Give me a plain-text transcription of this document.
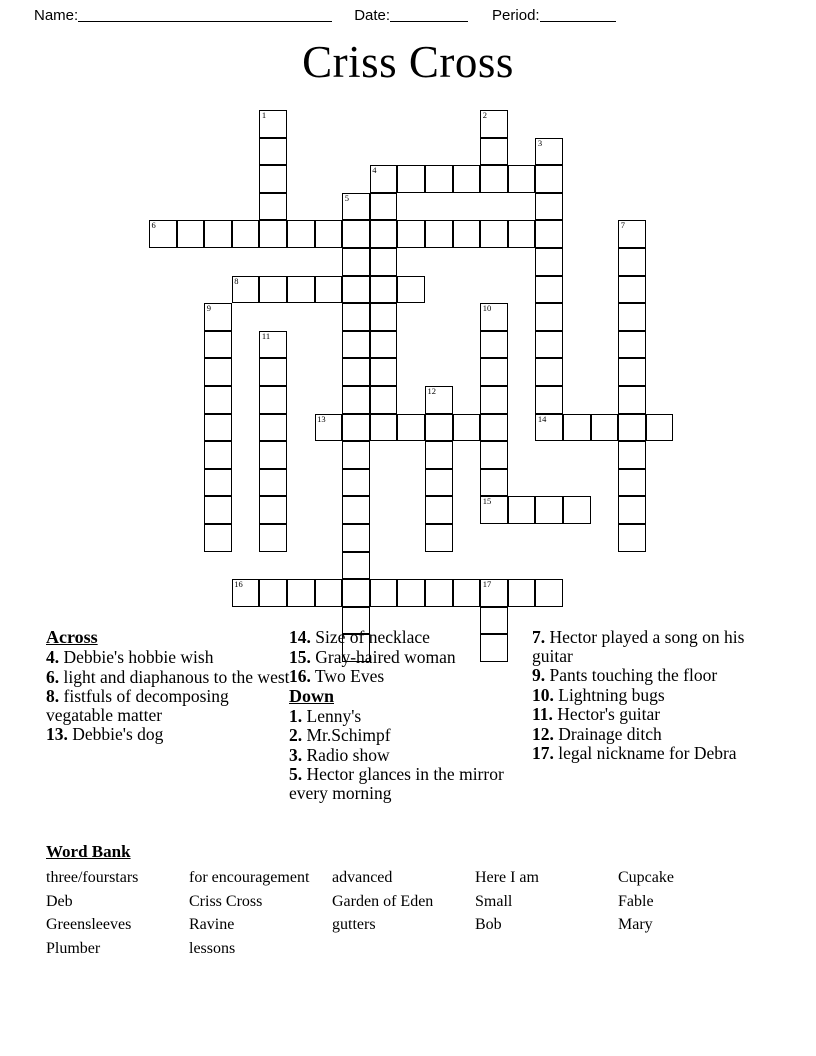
Name:	Date:	Period:
Criss Cross
1	2
3
4
5
6	7
8
9	10
11
12
13	14
15
16	17
Across
4. Debbie's hobbie wish
6. light and diaphanous to the west
8. fistfuls of decomposing vegatable matter
13. Debbie's dog
14. Size of necklace
15. Gray-haired woman
16. Two Eves
Down
1. Lenny's
2. Mr.Schimpf
3. Radio show
5. Hector glances in the mirror every morning
7. Hector played a song on his guitar
9. Pants touching the floor
10. Lightning bugs
11. Hector's guitar
12. Drainage ditch
17. legal nickname for Debra
Word Bank
three/fourstars	for encouragement	advanced	Here I am	Cupcake
Deb	Criss Cross	Garden of Eden	Small	Fable
Greensleeves	Ravine	gutters	Bob	Mary
Plumber	lessons			
